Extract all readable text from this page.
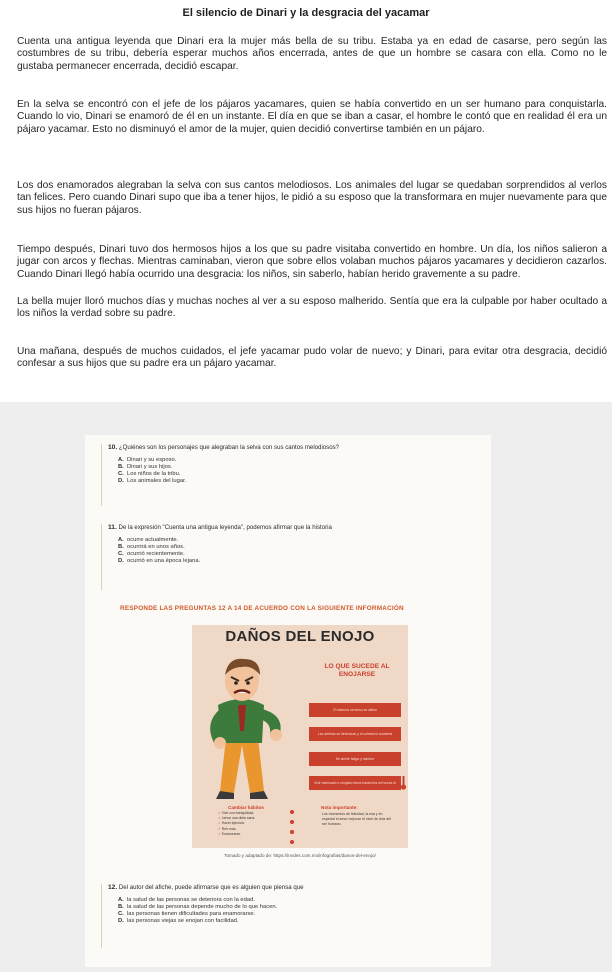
El silencio de Dinari y la desgracia del yacamar

Cuenta una antigua leyenda que Dinari era la mujer más bella de su tribu. Estaba ya en edad de casarse, pero según las costumbres de su tribu, debería esperar muchos años encerrada, antes de que un hombre se casara con ella. Como no le gustaba permanecer encerrada, decidió escapar.

En la selva se encontró con el jefe de los pájaros yacamares, quien se había convertido en un ser humano para conquistarla. Cuando lo vio, Dinari se enamoró de él en un instante. El día en que se iban a casar, el hombre le contó que en realidad él era un pájaro yacamar. Esto no disminuyó el amor de la mujer, quien decidió convertirse también en un pájaro.

Los dos enamorados alegraban la selva con sus cantos melodiosos. Los animales del lugar se quedaban sorprendidos al verlos tan felices. Pero cuando Dinari supo que iba a tener hijos, le pidió a su esposo que la transformara en mujer nuevamente para que sus hijos no fueran pájaros.

Tiempo después, Dinari tuvo dos hermosos hijos a los que su padre visitaba convertido en hombre. Un día, los niños salieron a jugar con arcos y flechas. Mientras caminaban, vieron que sobre ellos volaban muchos pájaros yacamares y decidieron cazarlos. Cuando Dinari llegó había ocurrido una desgracia: los niños, sin saberlo, habían herido gravemente a su padre.

La bella mujer lloró muchos días y muchas noches al ver a su esposo malherido. Sentía que era la culpable por haber ocultado a los niños la verdad sobre su padre.

Una mañana, después de muchos cuidados, el jefe yacamar pudo volar de nuevo; y Dinari, para evitar otra desgracia, decidió confesar a sus hijos que su padre era un pájaro yacamar.

10. ¿Quiénes son los personajes que alegraban la selva con sus cantos melodiosos?
A. Dinari y su esposo.
B. Dinari y sus hijos.
C. Los niños de la tribu.
D. Los animales del lugar.
11. De la expresión "Cuenta una antigua leyenda", podemos afirmar que la historia
A. ocurre actualmente.
B. ocurrirá en unos años.
C. ocurrió recientemente.
D. ocurrió en una época lejana.
RESPONDE LAS PREGUNTAS 12 A 14 DE ACUERDO CON LA SIGUIENTE INFORMACIÓN
DAÑOS DEL ENOJO
LO QUE SUCEDE AL ENOJARSE
El sistema nervioso se altera
Las arterias se deterioran y el colesterol aumenta
Se siente fatiga y hambre
Vivir estresado o enojado eleva hasta tres mil veces el envejecimiento
Cambiar hábitos
✓ Vivir con tranquilidad.
✓ Llevar una dieta sana.
✓ Hacer ejercicio.
✓ Reír más.
✓ Enamorarse.
Nota importante:
Los momentos de felicidad, la risa y en especial el amor mejoran el nivel de vida del ser humano.
Tomado y adaptado de: https://invdes.com.mx/infografias/danos-del-enojo/
12. Del autor del afiche, puede afirmarse que es alguien que piensa que
A. la salud de las personas se deteriora con la edad.
B. la salud de las personas depende mucho de lo que hacen.
C. las personas tienen dificultades para enamorarse.
D. las personas viejas se enojan con facilidad.
